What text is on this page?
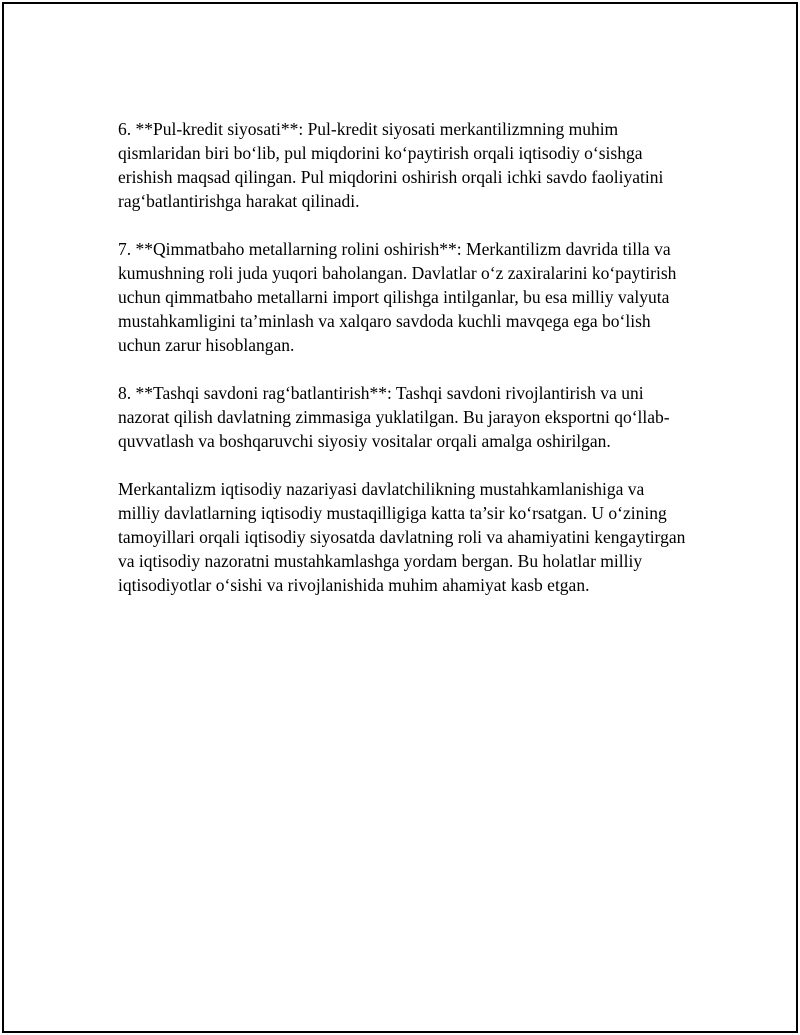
6. **Pul-kredit siyosati**: Pul-kredit siyosati merkantilizmning muhim qismlaridan biri bo‘lib, pul miqdorini ko‘paytirish orqali iqtisodiy o‘sishga erishish maqsad qilingan. Pul miqdorini oshirish orqali ichki savdo faoliyatini rag‘batlantirishga harakat qilinadi.

7. **Qimmatbaho metallarning rolini oshirish**: Merkantilizm davrida tilla va kumushning roli juda yuqori baholangan. Davlatlar o‘z zaxiralarini ko‘paytirish uchun qimmatbaho metallarni import qilishga intilganlar, bu esa milliy valyuta mustahkamligini ta’minlash va xalqaro savdoda kuchli mavqega ega bo‘lish uchun zarur hisoblangan.

8. **Tashqi savdoni rag‘batlantirish**: Tashqi savdoni rivojlantirish va uni nazorat qilish davlatning zimmasiga yuklatilgan. Bu jarayon eksportni qo‘llab-quvvatlash va boshqaruvchi siyosiy vositalar orqali amalga oshirilgan.

Merkantalizm iqtisodiy nazariyasi davlatchilikning mustahkamlanishiga va milliy davlatlarning iqtisodiy mustaqilligiga katta ta’sir ko‘rsatgan. U o‘zining tamoyillari orqali iqtisodiy siyosatda davlatning roli va ahamiyatini kengaytirgan va iqtisodiy nazoratni mustahkamlashga yordam bergan. Bu holatlar milliy iqtisodiyotlar o‘sishi va rivojlanishida muhim ahamiyat kasb etgan.
